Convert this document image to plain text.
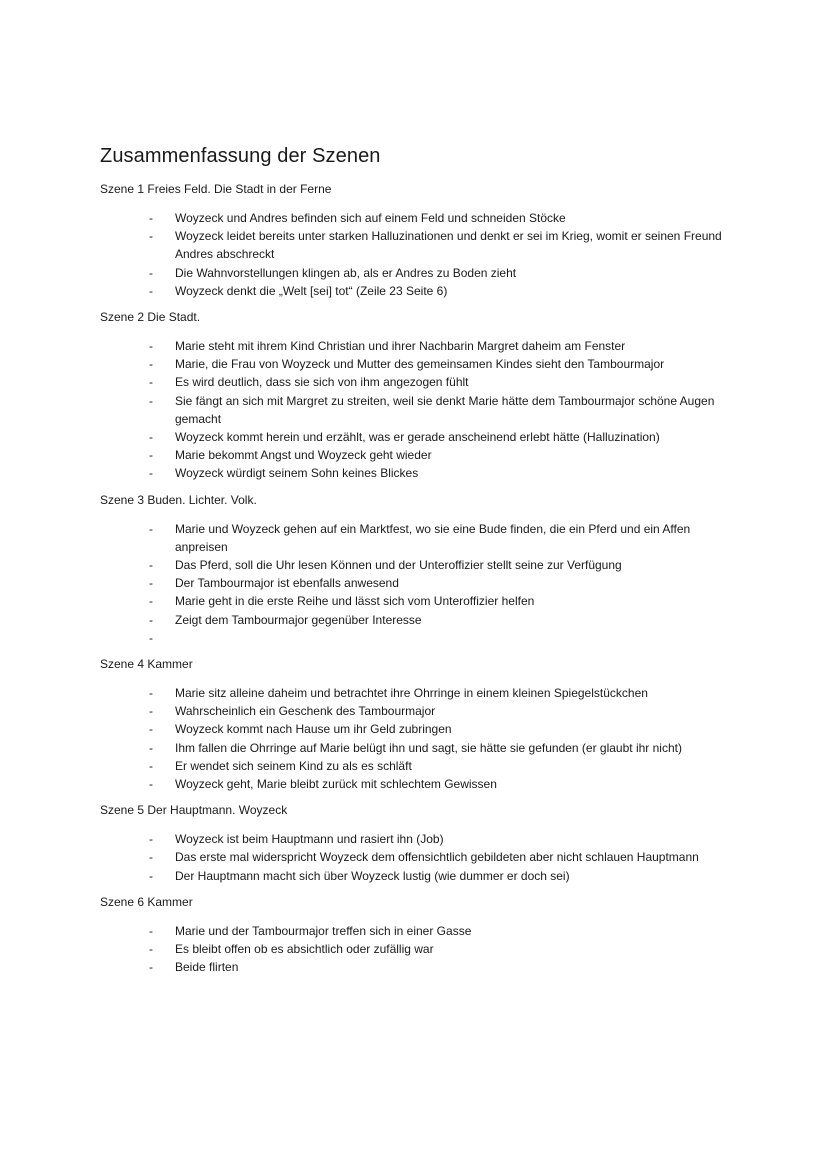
Zusammenfassung der Szenen

Szene 1 Freies Feld. Die Stadt in der Ferne

- Woyzeck und Andres befinden sich auf einem Feld und schneiden Stöcke
- Woyzeck leidet bereits unter starken Halluzinationen und denkt er sei im Krieg, womit er seinen Freund Andres abschreckt
- Die Wahnvorstellungen klingen ab, als er Andres zu Boden zieht
- Woyzeck denkt die „Welt [sei] tot“ (Zeile 23 Seite 6)

Szene 2 Die Stadt.

- Marie steht mit ihrem Kind Christian und ihrer Nachbarin Margret daheim am Fenster
- Marie, die Frau von Woyzeck und Mutter des gemeinsamen Kindes sieht den Tambourmajor
- Es wird deutlich, dass sie sich von ihm angezogen fühlt
- Sie fängt an sich mit Margret zu streiten, weil sie denkt Marie hätte dem Tambourmajor schöne Augen gemacht
- Woyzeck kommt herein und erzählt, was er gerade anscheinend erlebt hätte (Halluzination)
- Marie bekommt Angst und Woyzeck geht wieder
- Woyzeck würdigt seinem Sohn keines Blickes

Szene 3 Buden. Lichter. Volk.

- Marie und Woyzeck gehen auf ein Marktfest, wo sie eine Bude finden, die ein Pferd und ein Affen anpreisen
- Das Pferd, soll die Uhr lesen Können und der Unteroffizier stellt seine zur Verfügung
- Der Tambourmajor ist ebenfalls anwesend
- Marie geht in die erste Reihe und lässt sich vom Unteroffizier helfen
- Zeigt dem Tambourmajor gegenüber Interesse
-

Szene 4 Kammer

- Marie sitz alleine daheim und betrachtet ihre Ohrringe in einem kleinen Spiegelstückchen
- Wahrscheinlich ein Geschenk des Tambourmajor
- Woyzeck kommt nach Hause um ihr Geld zubringen
- Ihm fallen die Ohrringe auf Marie belügt ihn und sagt, sie hätte sie gefunden (er glaubt ihr nicht)
- Er wendet sich seinem Kind zu als es schläft
- Woyzeck geht, Marie bleibt zurück mit schlechtem Gewissen

Szene 5 Der Hauptmann. Woyzeck

- Woyzeck ist beim Hauptmann und rasiert ihn (Job)
- Das erste mal widerspricht Woyzeck dem offensichtlich gebildeten aber nicht schlauen Hauptmann
- Der Hauptmann macht sich über Woyzeck lustig (wie dummer er doch sei)

Szene 6 Kammer

- Marie und der Tambourmajor treffen sich in einer Gasse
- Es bleibt offen ob es absichtlich oder zufällig war
- Beide flirten
